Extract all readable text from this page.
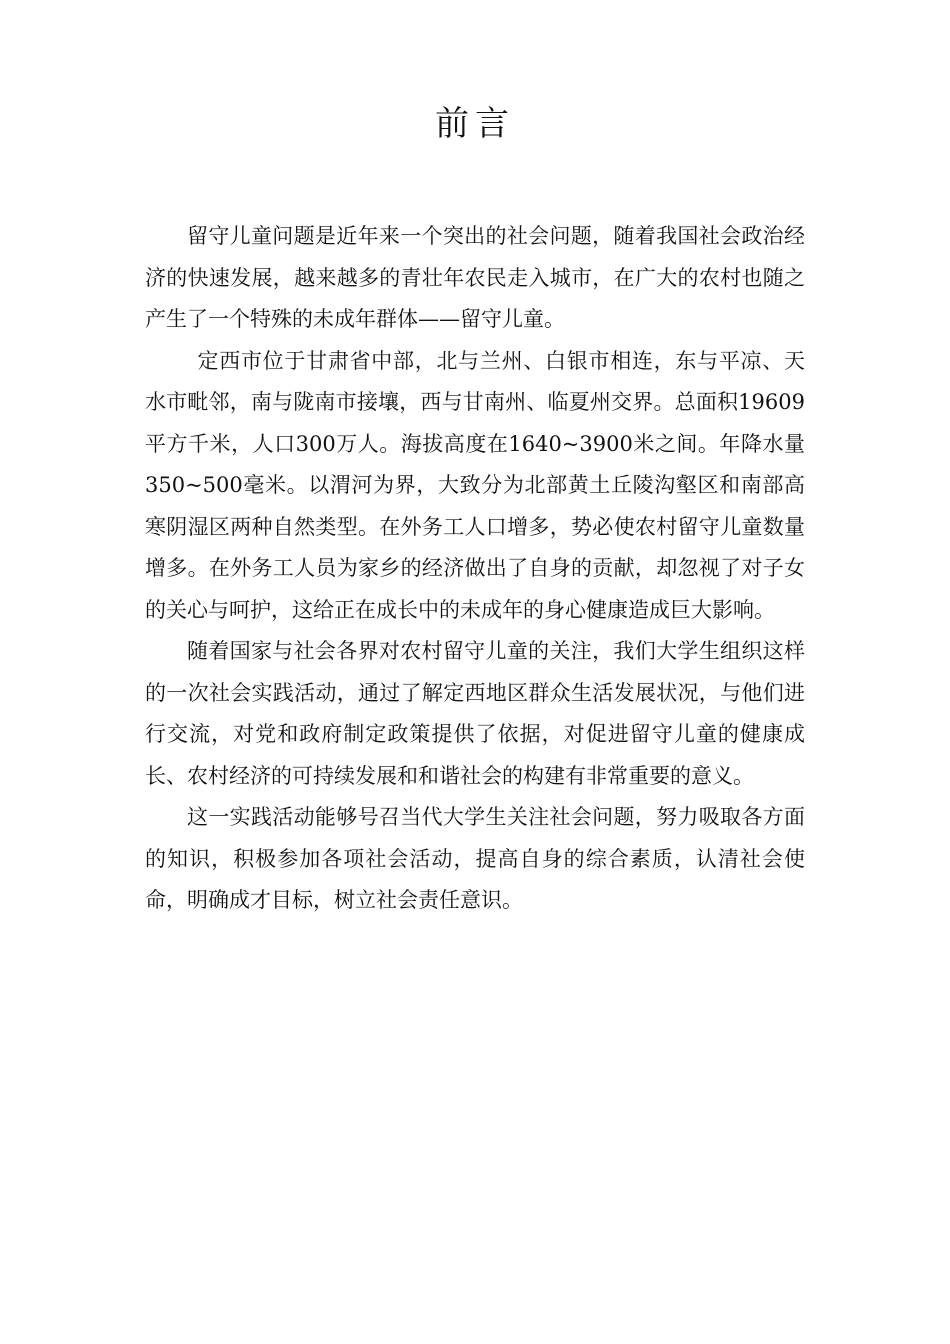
前言

留守儿童问题是近年来一个突出的社会问题，随着我国社会政治经济的快速发展，越来越多的青壮年农民走入城市，在广大的农村也随之产生了一个特殊的未成年群体——留守儿童。

定西市位于甘肃省中部，北与兰州、白银市相连，东与平凉、天水市毗邻，南与陇南市接壤，西与甘南州、临夏州交界。总面积19609平方千米，人口300万人。海拔高度在1640~3900米之间。年降水量350~500毫米。以渭河为界，大致分为北部黄土丘陵沟壑区和南部高寒阴湿区两种自然类型。在外务工人口增多，势必使农村留守儿童数量增多。在外务工人员为家乡的经济做出了自身的贡献，却忽视了对子女的关心与呵护，这给正在成长中的未成年的身心健康造成巨大影响。

随着国家与社会各界对农村留守儿童的关注，我们大学生组织这样的一次社会实践活动，通过了解定西地区群众生活发展状况，与他们进行交流，对党和政府制定政策提供了依据，对促进留守儿童的健康成长、农村经济的可持续发展和和谐社会的构建有非常重要的意义。

这一实践活动能够号召当代大学生关注社会问题，努力吸取各方面的知识，积极参加各项社会活动，提高自身的综合素质，认清社会使命，明确成才目标，树立社会责任意识。
